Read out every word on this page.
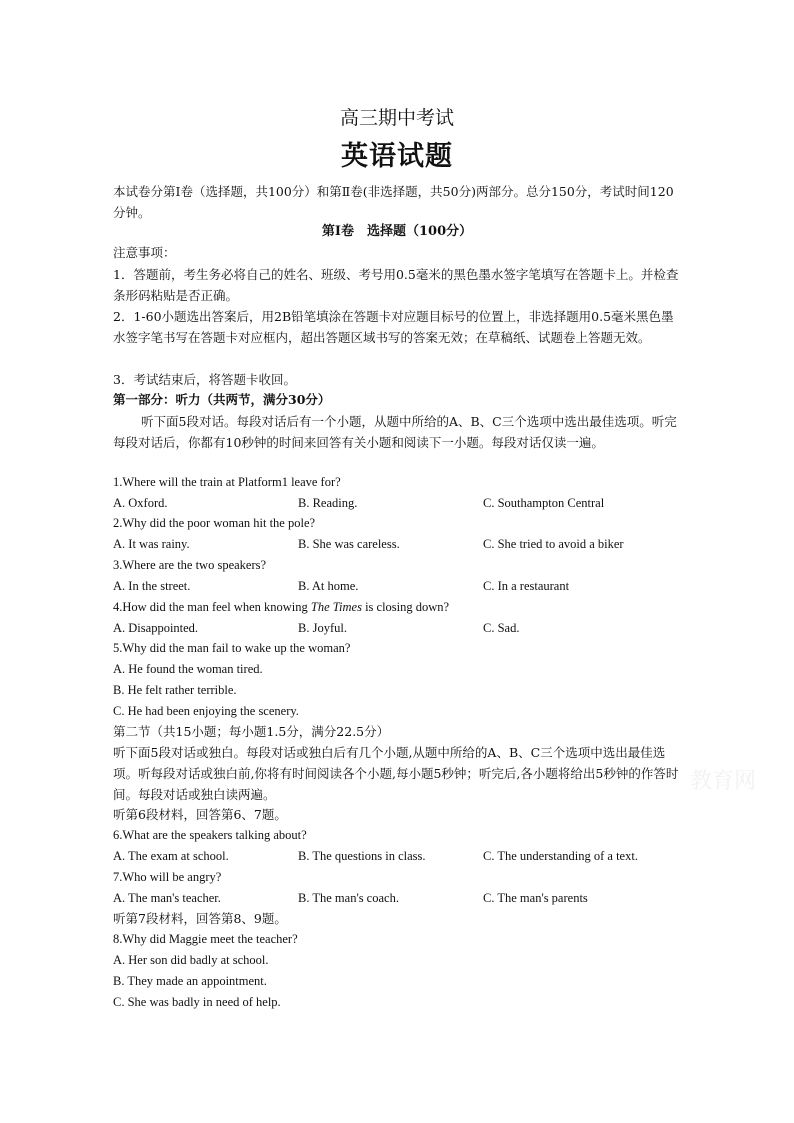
高三期中考试
英语试题
本试卷分第Ⅰ卷（选择题，共100分）和第Ⅱ卷(非选择题，共50分)两部分。总分150分，考试时间120分钟。
第Ⅰ卷　选择题（100分）
注意事项：
1．答题前，考生务必将自己的姓名、班级、考号用0.5毫米的黑色墨水签字笔填写在答题卡上。并检查条形码粘贴是否正确。
2．1-60小题选出答案后，用2B铅笔填涂在答题卡对应题目标号的位置上，非选择题用0.5毫米黑色墨水签字笔书写在答题卡对应框内，超出答题区域书写的答案无效；在草稿纸、试题卷上答题无效。
3．考试结束后，将答题卡收回。
第一部分：听力（共两节，满分30分）
听下面5段对话。每段对话后有一个小题，从题中所给的A、B、C三个选项中选出最佳选项。听完每段对话后，你都有10秒钟的时间来回答有关小题和阅读下一小题。每段对话仅读一遍。
1.Where will the train at Platform1 leave for?
A. Oxford.	B. Reading.	C. Southampton Central
2.Why did the poor woman hit the pole?
A. It was rainy.	B. She was careless.	C. She tried to avoid a biker
3.Where are the two speakers?
A. In the street.	B. At home.	C. In a restaurant
4.How did the man feel when knowing The Times is closing down?
A. Disappointed.	B. Joyful.	C. Sad.
5.Why did the man fail to wake up the woman?
A. He found the woman tired.
B. He felt rather terrible.
C. He had been enjoying the scenery.
第二节（共15小题；每小题1.5分，满分22.5分）
听下面5段对话或独白。每段对话或独白后有几个小题,从题中所给的A、B、C三个选项中选出最佳选项。听每段对话或独白前,你将有时间阅读各个小题,每小题5秒钟；听完后,各小题将给出5秒钟的作答时间。每段对话或独白读两遍。
教育网
听第6段材料，回答第6、7题。
6.What are the speakers talking about?
A. The exam at school.	B. The questions in class.	C. The understanding of a text.
7.Who will be angry?
A. The man's teacher.	B. The man's coach.	C. The man's parents
听第7段材料，回答第8、9题。
8.Why did Maggie meet the teacher?
A. Her son did badly at school.
B. They made an appointment.
C. She was badly in need of help.
